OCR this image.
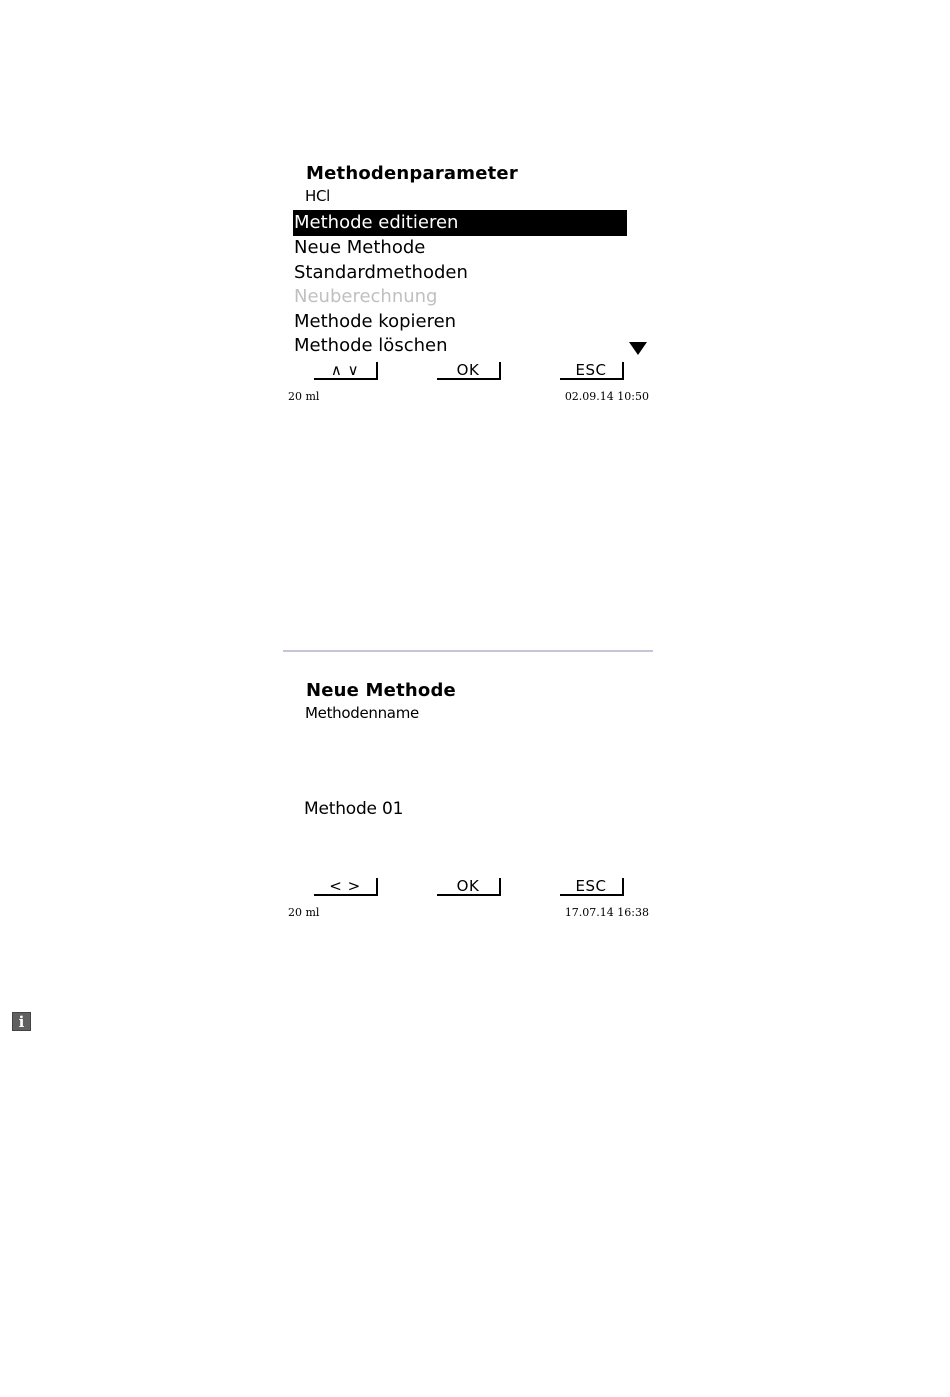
Methodenparameter
HCl
Methode editieren
Neue Methode
Standardmethoden
Neuberechnung
Methode kopieren
Methode löschen
∧ ∨	OK	ESC
20 ml	02.09.14 10:50
Neue Methode
Methodenname
Methode 01
< >	OK	ESC
20 ml	17.07.14 16:38
i
